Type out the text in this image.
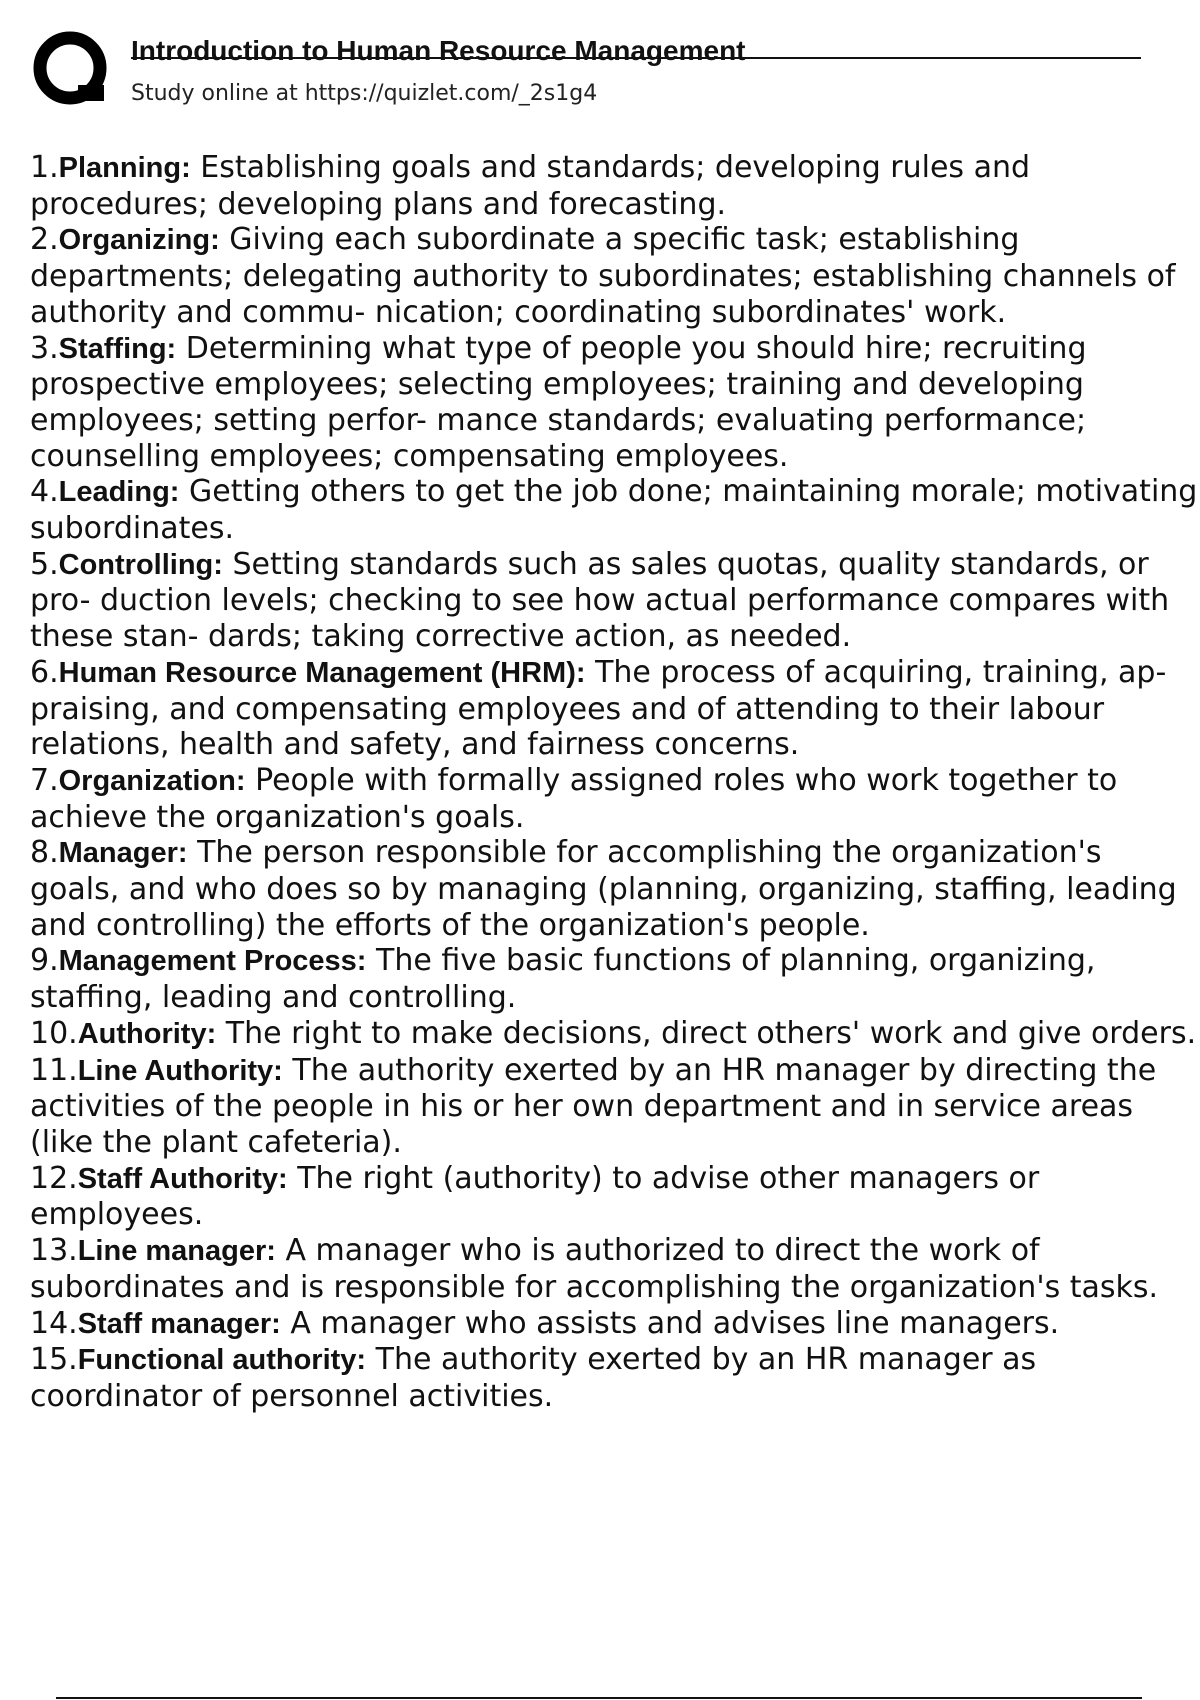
Introduction to Human Resource Management
Study online at https://quizlet.com/_2s1g4
1.Planning: Establishing goals and standards; developing rules and procedures; developing plans and forecasting.
2.Organizing: Giving each subordinate a specific task; establishing departments; delegating authority to subordinates; establishing channels of authority and commu- nication; coordinating subordinates' work.
3.Staffing: Determining what type of people you should hire; recruiting prospective employees; selecting employees; training and developing employees; setting perfor- mance standards; evaluating performance; counselling employees; compensating employees.
4.Leading: Getting others to get the job done; maintaining morale; motivating subordinates.
5.Controlling: Setting standards such as sales quotas, quality standards, or pro- duction levels; checking to see how actual performance compares with these stan- dards; taking corrective action, as needed.
6.Human Resource Management (HRM): The process of acquiring, training, ap- praising, and compensating employees and of attending to their labour relations, health and safety, and fairness concerns.
7.Organization: People with formally assigned roles who work together to achieve the organization's goals.
8.Manager: The person responsible for accomplishing the organization's goals, and who does so by managing (planning, organizing, staffing, leading and controlling) the efforts of the organization's people.
9.Management Process: The five basic functions of planning, organizing, staffing, leading and controlling.
10.Authority: The right to make decisions, direct others' work and give orders.
11.Line Authority: The authority exerted by an HR manager by directing the activities of the people in his or her own department and in service areas (like the plant cafeteria).
12.Staff Authority: The right (authority) to advise other managers or employees.
13.Line manager: A manager who is authorized to direct the work of subordinates and is responsible for accomplishing the organization's tasks.
14.Staff manager: A manager who assists and advises line managers.
15.Functional authority: The authority exerted by an HR manager as coordinator of personnel activities.
